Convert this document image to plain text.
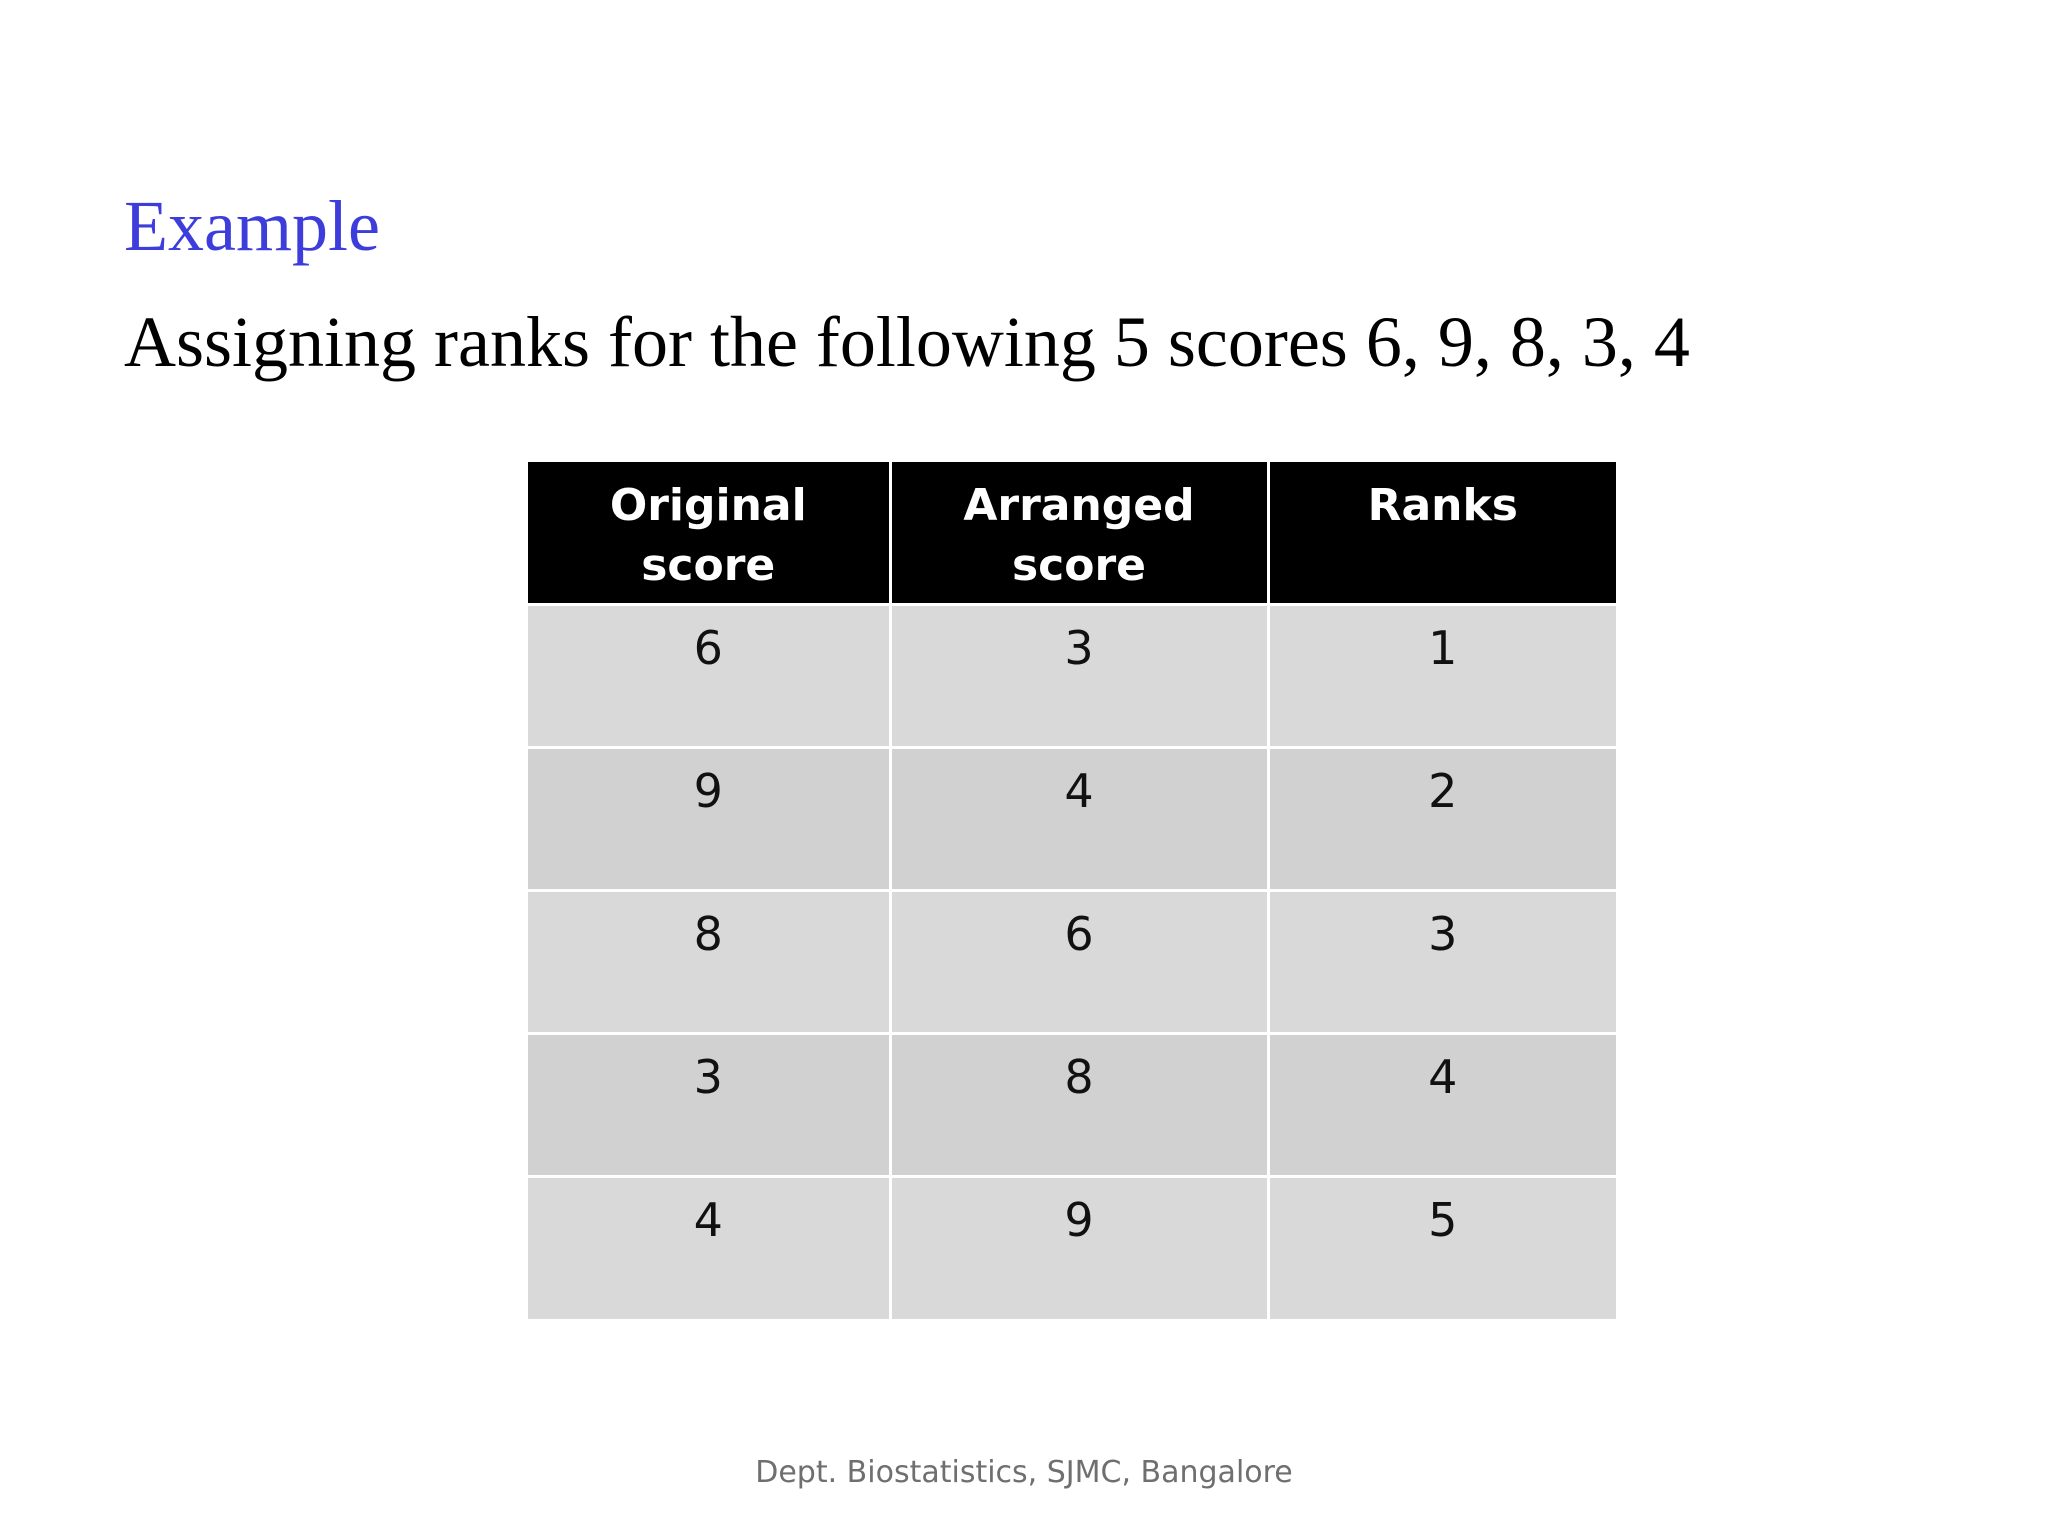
Example
Assigning ranks for the following 5 scores 6, 9, 8, 3, 4
Original
score	Arranged
score	Ranks
6	3	1
9	4	2
8	6	3
3	8	4
4	9	5
Dept. Biostatistics, SJMC, Bangalore
